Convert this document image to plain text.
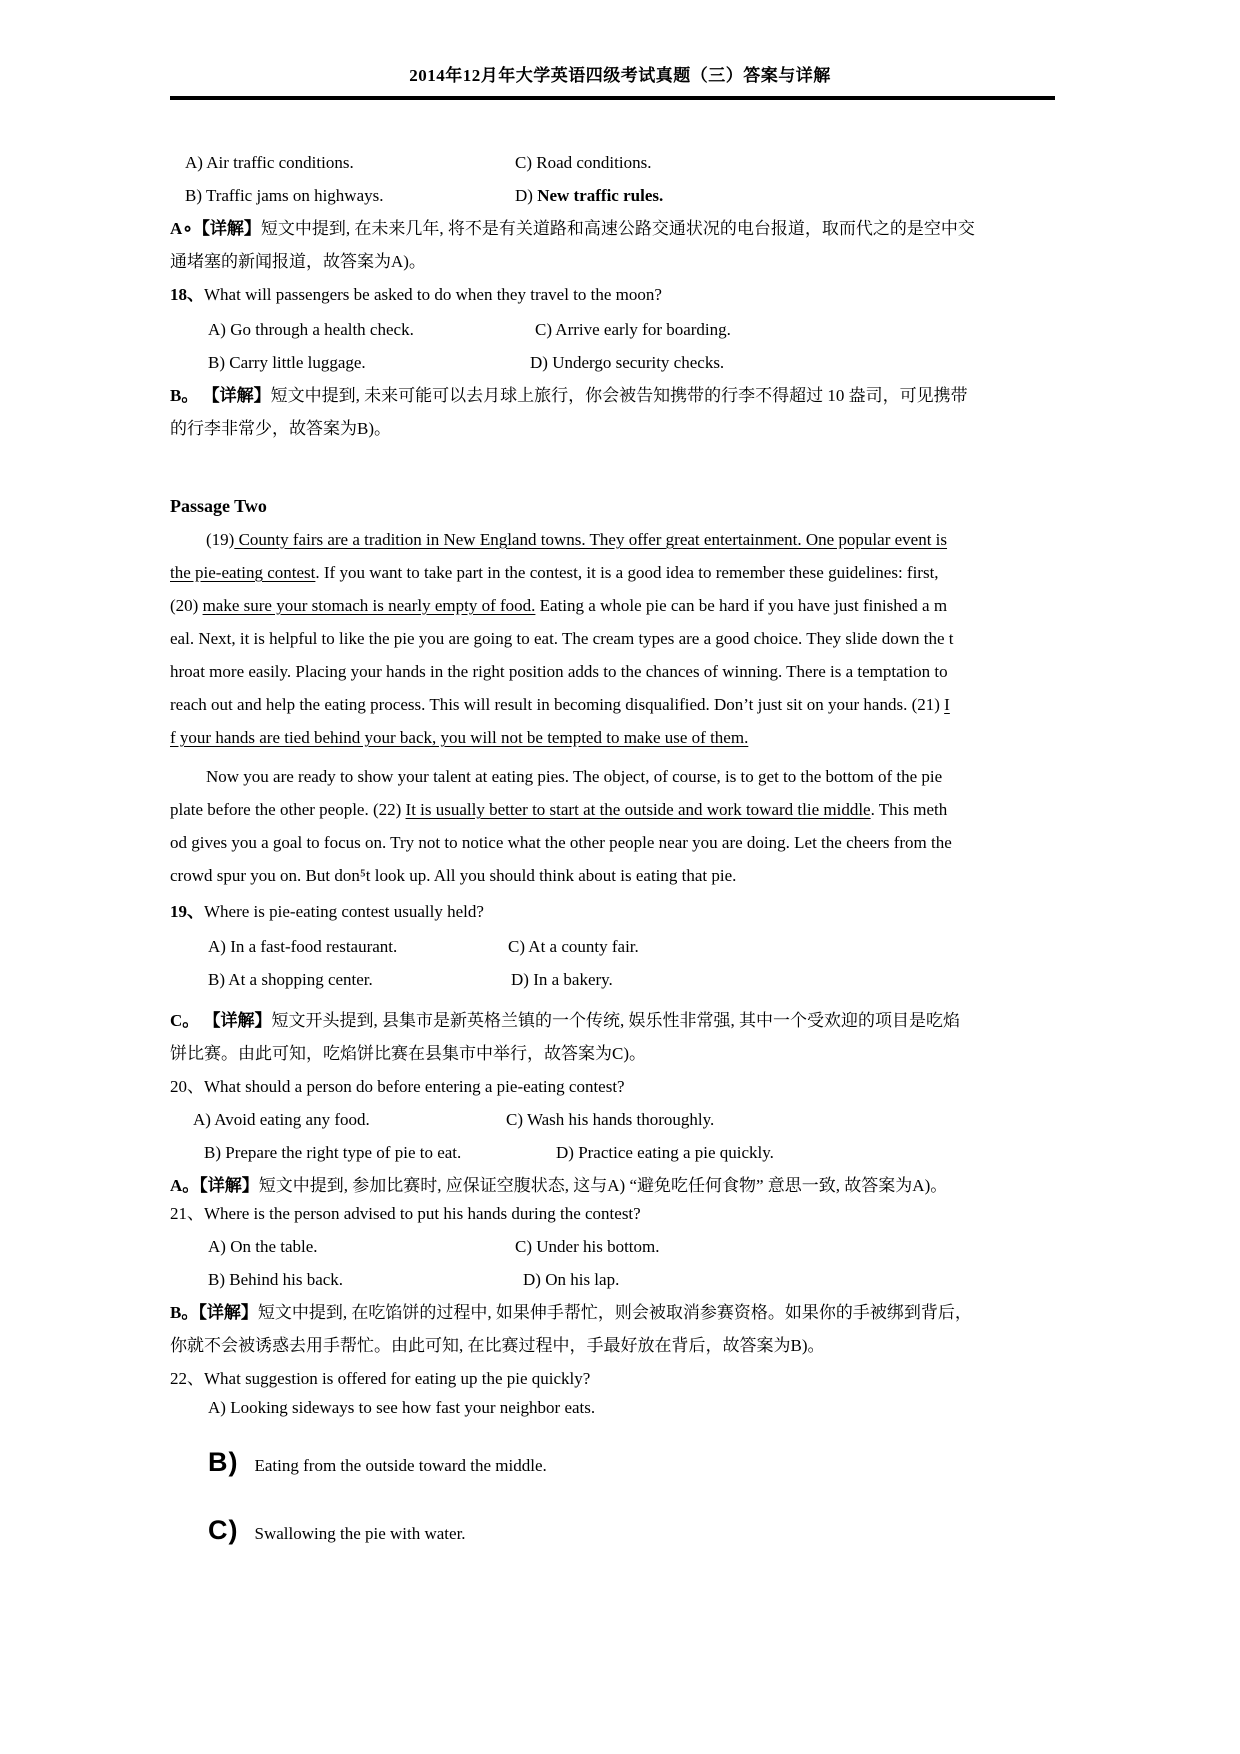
2014年12月年大学英语四级考试真题（三）答案与详解
A) Air traffic conditions.	C) Road conditions.
B) Traffic jams on highways.	D) New traffic rules.
A∘【详解】短文中提到, 在未来几年, 将不是有关道路和高速公路交通状况的电台报道，取而代之的是空中交
通堵塞的新闻报道，故答案为A)。
18、What will passengers be asked to do when they travel to the moon?
A) Go through a health check.	C) Arrive early for boarding.
B) Carry little luggage.	D) Undergo security checks.
B。 【详解】短文中提到, 未来可能可以去月球上旅行，你会被告知携带的行李不得超过 10 盎司，可见携带
的行李非常少，故答案为B)。
Passage Two
(19) County fairs are a tradition in New England towns. They offer great entertainment. One popular event is
the pie-eating contest. If you want to take part in the contest, it is a good idea to remember these guidelines: first,
(20) make sure your stomach is nearly empty of food. Eating a whole pie can be hard if you have just finished a m
eal. Next, it is helpful to like the pie you are going to eat. The cream types are a good choice. They slide down the t
hroat more easily. Placing your hands in the right position adds to the chances of winning. There is a temptation to
reach out and help the eating process. This will result in becoming disqualified. Don’t just sit on your hands. (21) I
f your hands are tied behind your back, you will not be tempted to make use of them.
Now you are ready to show your talent at eating pies. The object, of course, is to get to the bottom of the pie
plate before the other people. (22) It is usually better to start at the outside and work toward tlie middle. This meth
od gives you a goal to focus on. Try not to notice what the other people near you are doing. Let the cheers from the
crowd spur you on. But don⁵t look up. All you should think about is eating that pie.
19、Where is pie-eating contest usually held?
A) In a fast-food restaurant.	C) At a county fair.
B) At a shopping center.	D) In a bakery.
C。 【详解】短文开头提到, 县集市是新英格兰镇的一个传统, 娱乐性非常强, 其中一个受欢迎的项目是吃焰
饼比赛。由此可知，吃焰饼比赛在县集市中举行，故答案为C)。
20、What should a person do before entering a pie-eating contest?
A) Avoid eating any food.	C) Wash his hands thoroughly.
B) Prepare the right type of pie to eat.	D) Practice eating a pie quickly.
A。【详解】短文中提到, 参加比赛时, 应保证空腹状态, 这与A) “避免吃任何食物” 意思一致, 故答案为A)。
21、Where is the person advised to put his hands during the contest?
A) On the table.	C) Under his bottom.
B) Behind his back.	D) On his lap.
B。【详解】短文中提到, 在吃馅饼的过程中, 如果伸手帮忙，则会被取消参赛资格。如果你的手被绑到背后，
你就不会被诱惑去用手帮忙。由此可知, 在比赛过程中，手最好放在背后，故答案为B)。
22、What suggestion is offered for eating up the pie quickly?
A) Looking sideways to see how fast your neighbor eats.
B) Eating from the outside toward the middle.
C) Swallowing the pie with water.
